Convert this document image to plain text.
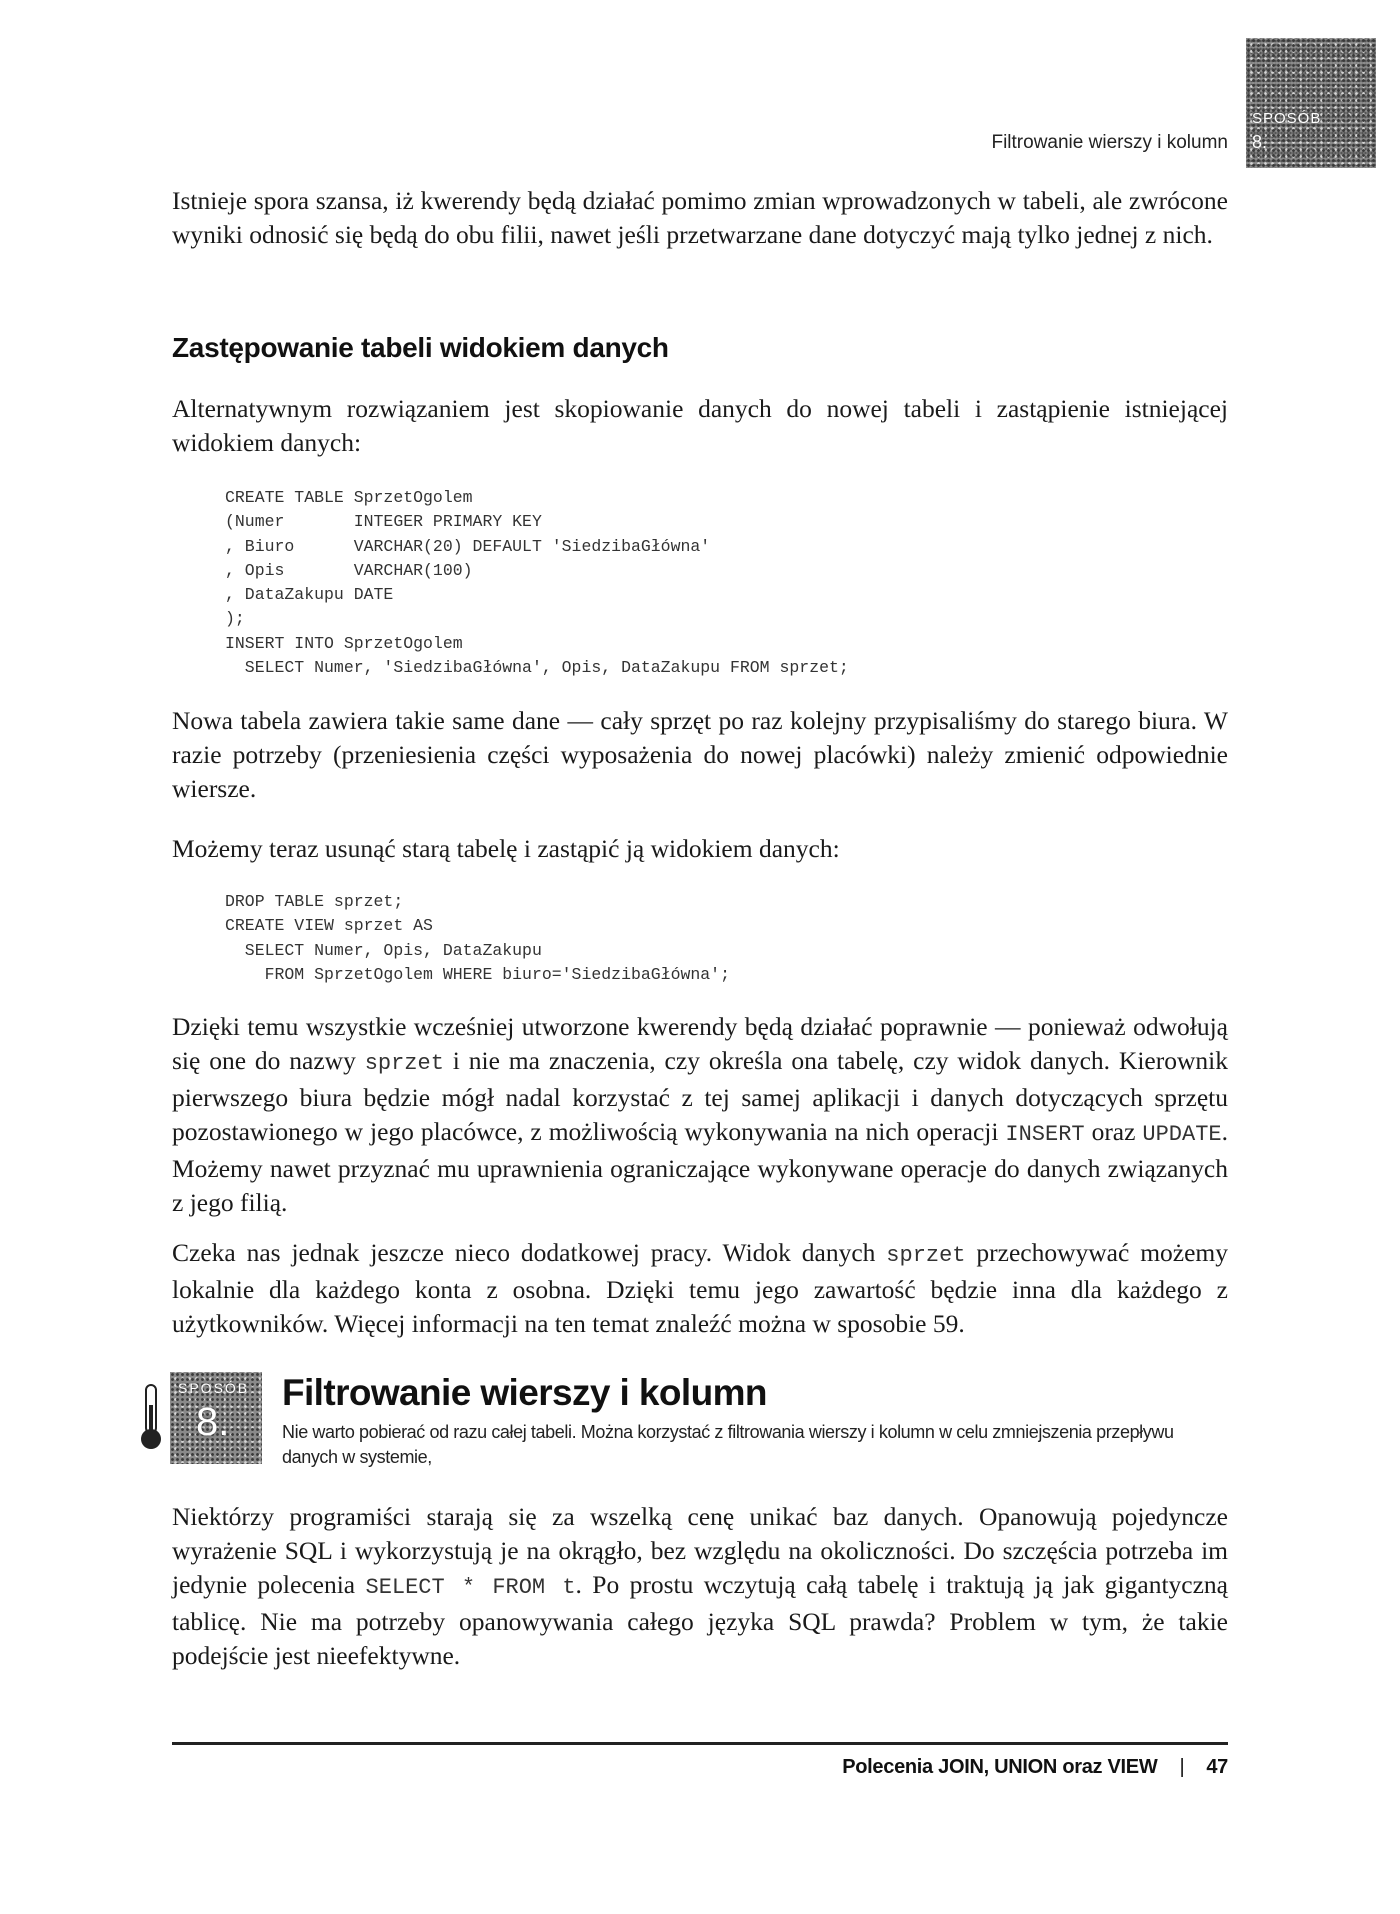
Filtrowanie wierszy i kolumn
SPOSÓB
8.

Istnieje spora szansa, iż kwerendy będą działać pomimo zmian wprowadzonych w tabeli, ale zwrócone wyniki odnosić się będą do obu filii, nawet jeśli przetwarzane dane dotyczyć mają tylko jednej z nich.

Zastępowanie tabeli widokiem danych

Alternatywnym rozwiązaniem jest skopiowanie danych do nowej tabeli i zastąpienie istniejącej widokiem danych:

CREATE TABLE SprzetOgolem
(Numer       INTEGER PRIMARY KEY
, Biuro      VARCHAR(20) DEFAULT 'SiedzibaGłówna'
, Opis       VARCHAR(100)
, DataZakupu DATE
);
INSERT INTO SprzetOgolem
SELECT Numer, 'SiedzibaGłówna', Opis, DataZakupu FROM sprzet;

Nowa tabela zawiera takie same dane — cały sprzęt po raz kolejny przypisaliśmy do starego biura. W razie potrzeby (przeniesienia części wyposażenia do nowej placówki) należy zmienić odpowiednie wiersze.

Możemy teraz usunąć starą tabelę i zastąpić ją widokiem danych:

DROP TABLE sprzet;
CREATE VIEW sprzet AS
SELECT Numer, Opis, DataZakupu
FROM SprzetOgolem WHERE biuro='SiedzibaGłówna';

Dzięki temu wszystkie wcześniej utworzone kwerendy będą działać poprawnie — ponieważ odwołują się one do nazwy sprzet i nie ma znaczenia, czy określa ona tabelę, czy widok danych. Kierownik pierwszego biura będzie mógł nadal korzystać z tej samej aplikacji i danych dotyczących sprzętu pozostawionego w jego placówce, z możliwością wykonywania na nich operacji INSERT oraz UPDATE. Możemy nawet przyznać mu uprawnienia ograniczające wykonywane operacje do danych związanych z jego filią.

Czeka nas jednak jeszcze nieco dodatkowej pracy. Widok danych sprzet przechowywać możemy lokalnie dla każdego konta z osobna. Dzięki temu jego zawartość będzie inna dla każdego z użytkowników. Więcej informacji na ten temat znaleźć można w sposobie 59.

SPOSÓB
8.
Filtrowanie wierszy i kolumn
Nie warto pobierać od razu całej tabeli. Można korzystać z filtrowania wierszy i kolumn w celu zmniejszenia przepływu danych w systemie,

Niektórzy programiści starają się za wszelką cenę unikać baz danych. Opanowują pojedyncze wyrażenie SQL i wykorzystują je na okrągło, bez względu na okoliczności. Do szczęścia potrzeba im jedynie polecenia SELECT * FROM t. Po prostu wczytują całą tabelę i traktują ją jak gigantyczną tablicę. Nie ma potrzeby opanowywania całego języka SQL prawda? Problem w tym, że takie podejście jest nieefektywne.

Polecenia JOIN, UNION oraz VIEW | 47
